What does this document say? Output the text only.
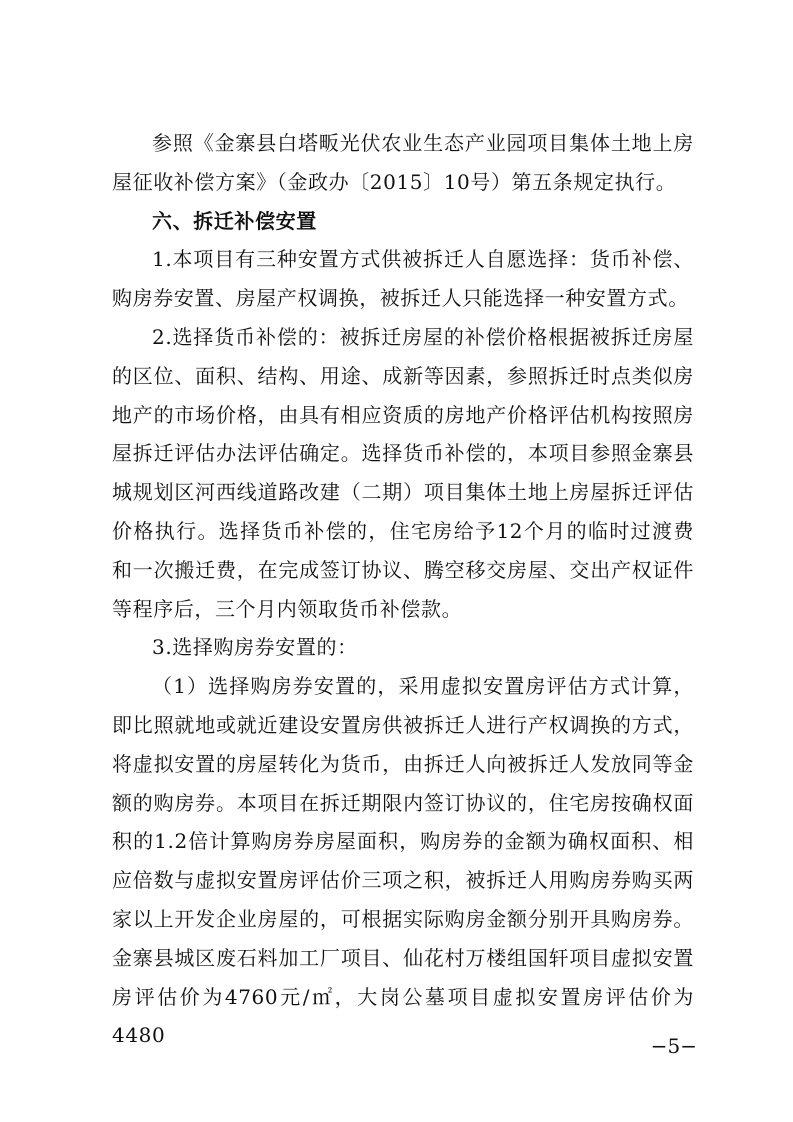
参照《金寨县白塔畈光伏农业生态产业园项目集体土地上房屋征收补偿方案》（金政办〔2015〕10号）第五条规定执行。

六、拆迁补偿安置

1.本项目有三种安置方式供被拆迁人自愿选择：货币补偿、购房券安置、房屋产权调换，被拆迁人只能选择一种安置方式。

2.选择货币补偿的：被拆迁房屋的补偿价格根据被拆迁房屋的区位、面积、结构、用途、成新等因素，参照拆迁时点类似房地产的市场价格，由具有相应资质的房地产价格评估机构按照房屋拆迁评估办法评估确定。选择货币补偿的，本项目参照金寨县城规划区河西线道路改建（二期）项目集体土地上房屋拆迁评估价格执行。选择货币补偿的，住宅房给予12个月的临时过渡费和一次搬迁费，在完成签订协议、腾空移交房屋、交出产权证件等程序后，三个月内领取货币补偿款。

3.选择购房券安置的：

（1）选择购房券安置的，采用虚拟安置房评估方式计算，即比照就地或就近建设安置房供被拆迁人进行产权调换的方式，将虚拟安置的房屋转化为货币，由拆迁人向被拆迁人发放同等金额的购房券。本项目在拆迁期限内签订协议的，住宅房按确权面积的1.2倍计算购房券房屋面积，购房券的金额为确权面积、相应倍数与虚拟安置房评估价三项之积，被拆迁人用购房券购买两家以上开发企业房屋的，可根据实际购房金额分别开具购房券。金寨县城区废石料加工厂项目、仙花村万楼组国轩项目虚拟安置房评估价为4760元/㎡，大岗公墓项目虚拟安置房评估价为4480	−5−
